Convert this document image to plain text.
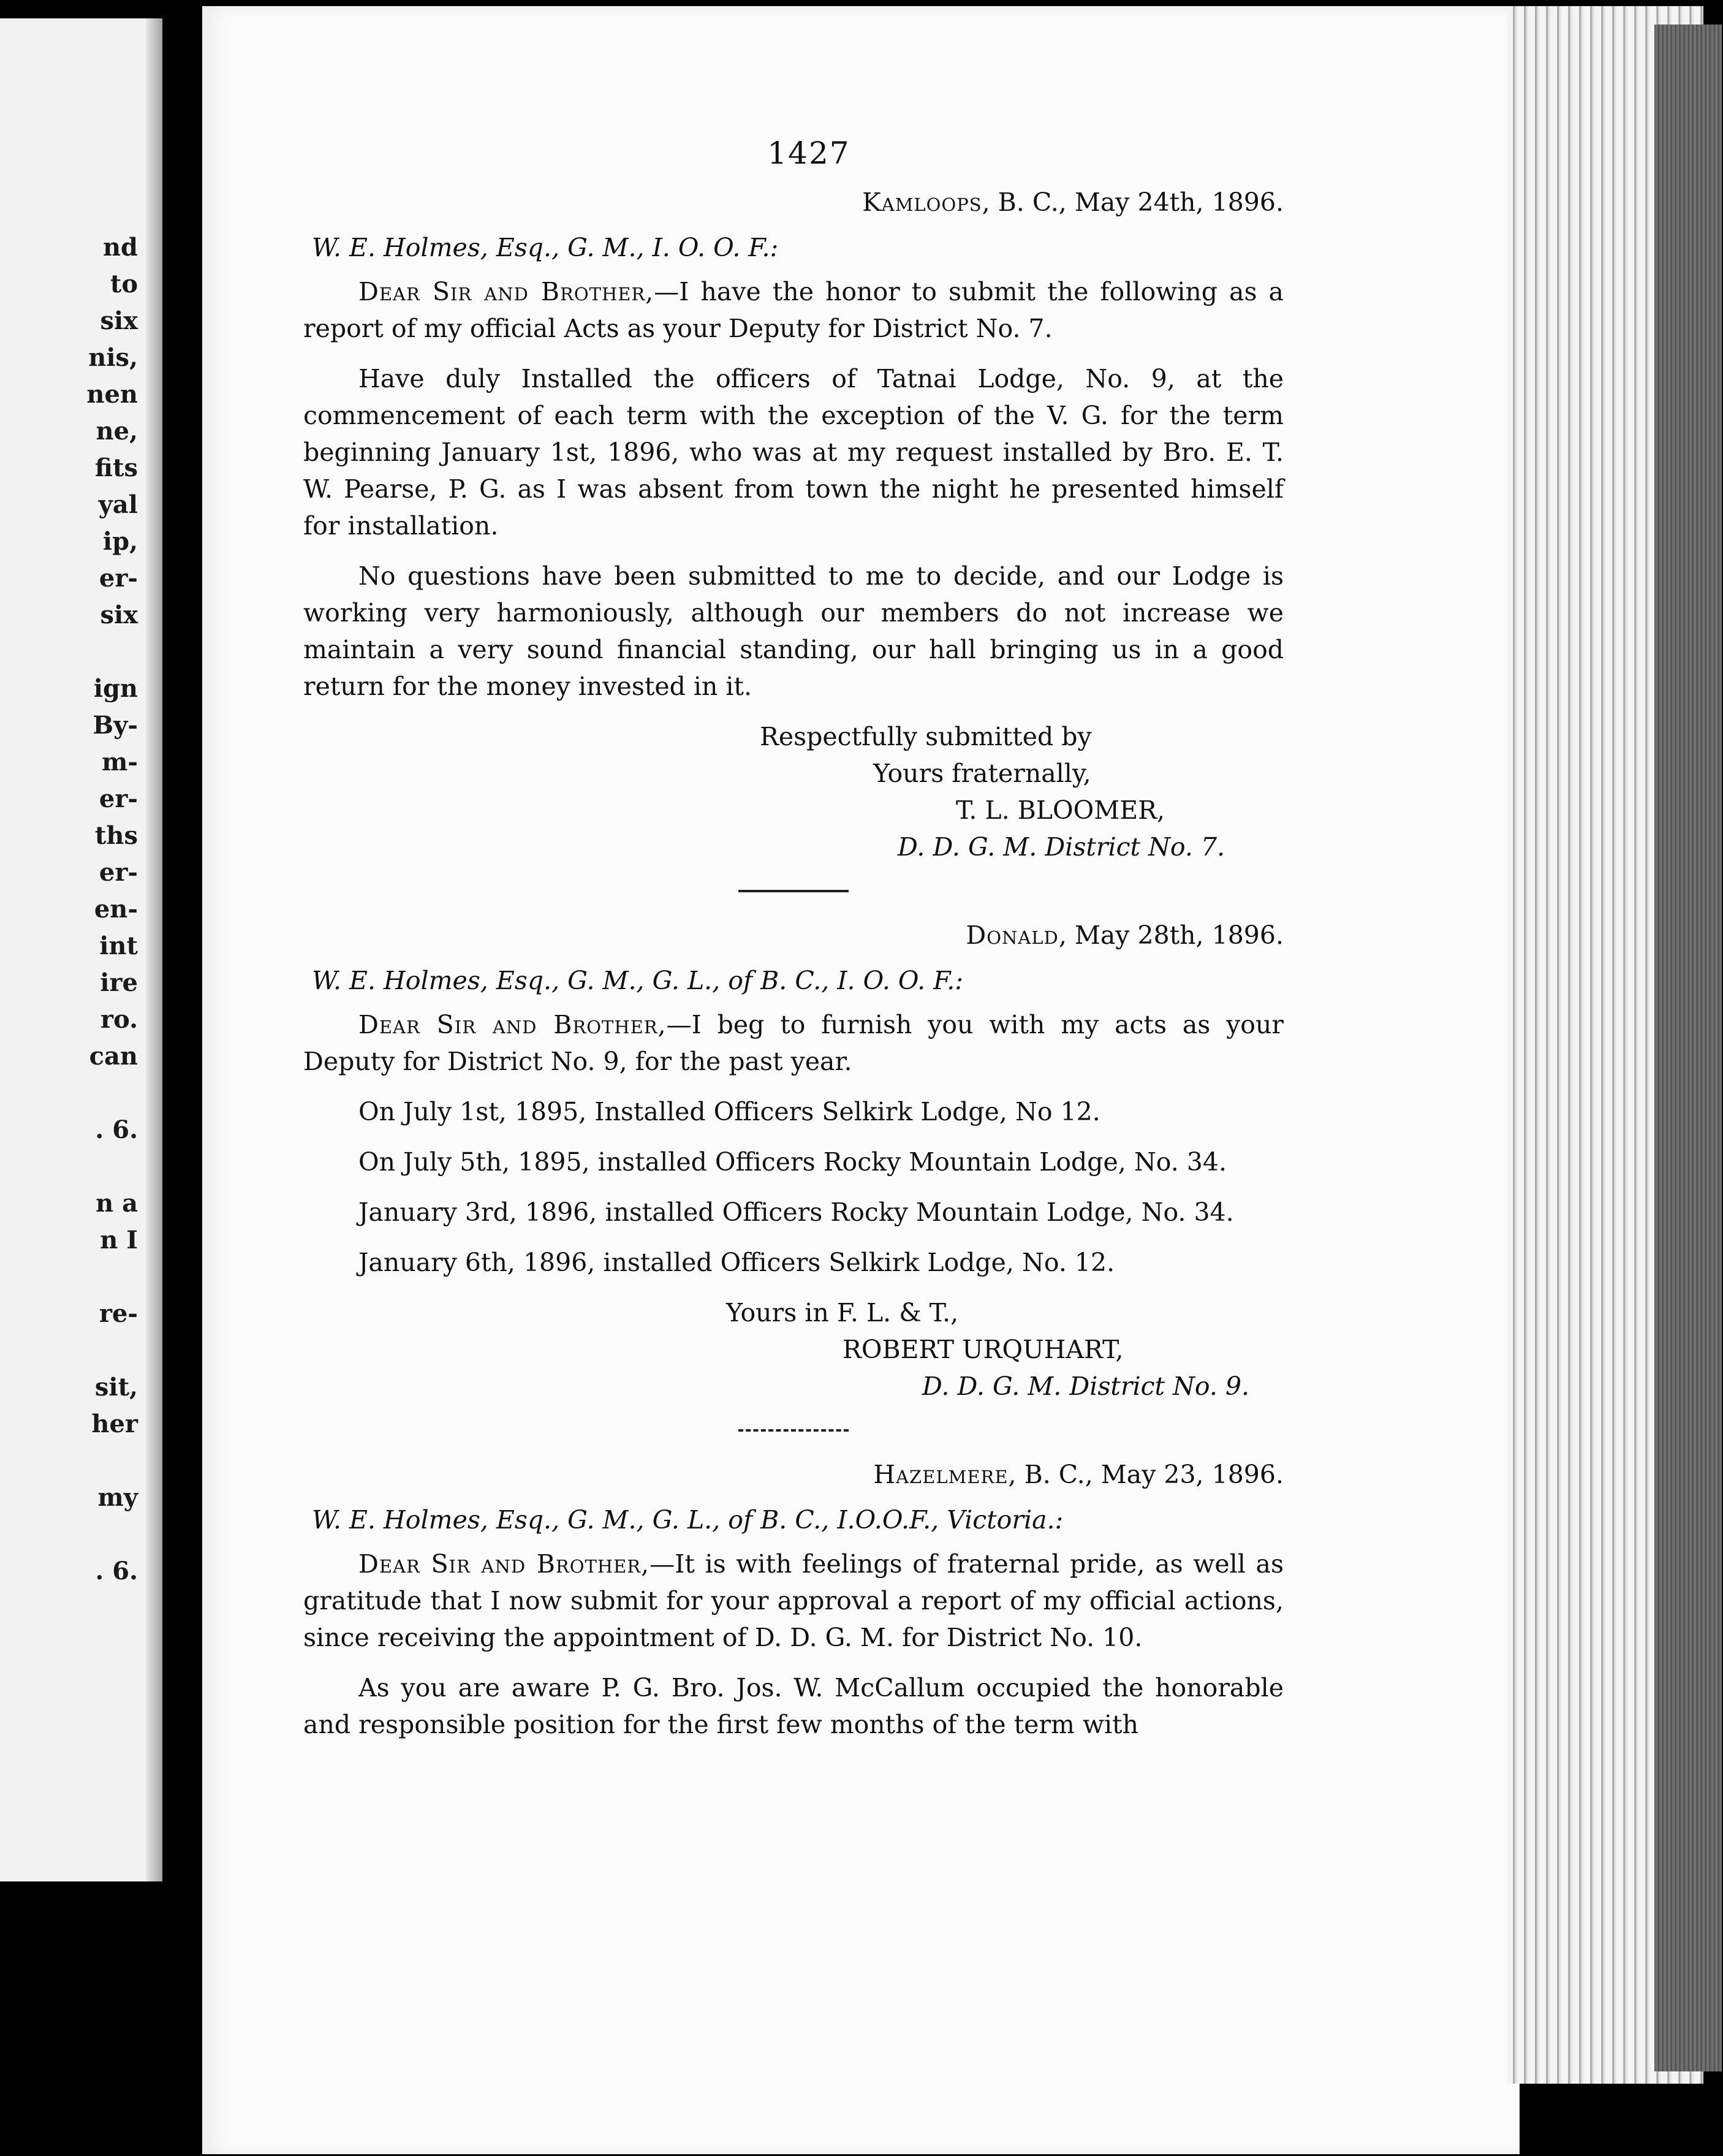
nd
to
six
nis,
nen
ne,
fits
yal
ip,
er-
six
ign
By-
m-
er-
ths
er-
en-
int
ire
ro.
can
. 6.
n a
n I
re-
sit,
her
my
. 6.
1427
Kamloops, B. C., May 24th, 1896.
W. E. Holmes, Esq., G. M., I. O. O. F.:

Dear Sir and Brother,—I have the honor to submit the following as a report of my official Acts as your Deputy for District No. 7.

Have duly Installed the officers of Tatnai Lodge, No. 9, at the commencement of each term with the exception of the V. G. for the term beginning January 1st, 1896, who was at my request installed by Bro. E. T. W. Pearse, P. G. as I was absent from town the night he presented himself for installation.

No questions have been submitted to me to decide, and our Lodge is working very harmoniously, although our members do not increase we maintain a very sound financial standing, our hall bringing us in a good return for the money invested in it.

Respectfully submitted by
Yours fraternally,
T. L. BLOOMER,
D. D. G. M. District No. 7.
Donald, May 28th, 1896.
W. E. Holmes, Esq., G. M., G. L., of B. C., I. O. O. F.:

Dear Sir and Brother,—I beg to furnish you with my acts as your Deputy for District No. 9, for the past year.

On July 1st, 1895, Installed Officers Selkirk Lodge, No 12.
On July 5th, 1895, installed Officers Rocky Mountain Lodge, No. 34.
January 3rd, 1896, installed Officers Rocky Mountain Lodge, No. 34.
January 6th, 1896, installed Officers Selkirk Lodge, No. 12.
Yours in F. L. & T.,
ROBERT URQUHART,
D. D. G. M. District No. 9.
Hazelmere, B. C., May 23, 1896.
W. E. Holmes, Esq., G. M., G. L., of B. C., I.O.O.F., Victoria.:

Dear Sir and Brother,—It is with feelings of fraternal pride, as well as gratitude that I now submit for your approval a report of my official actions, since receiving the appointment of D. D. G. M. for District No. 10.

As you are aware P. G. Bro. Jos. W. McCallum occupied the honorable and responsible position for the first few months of the term with
